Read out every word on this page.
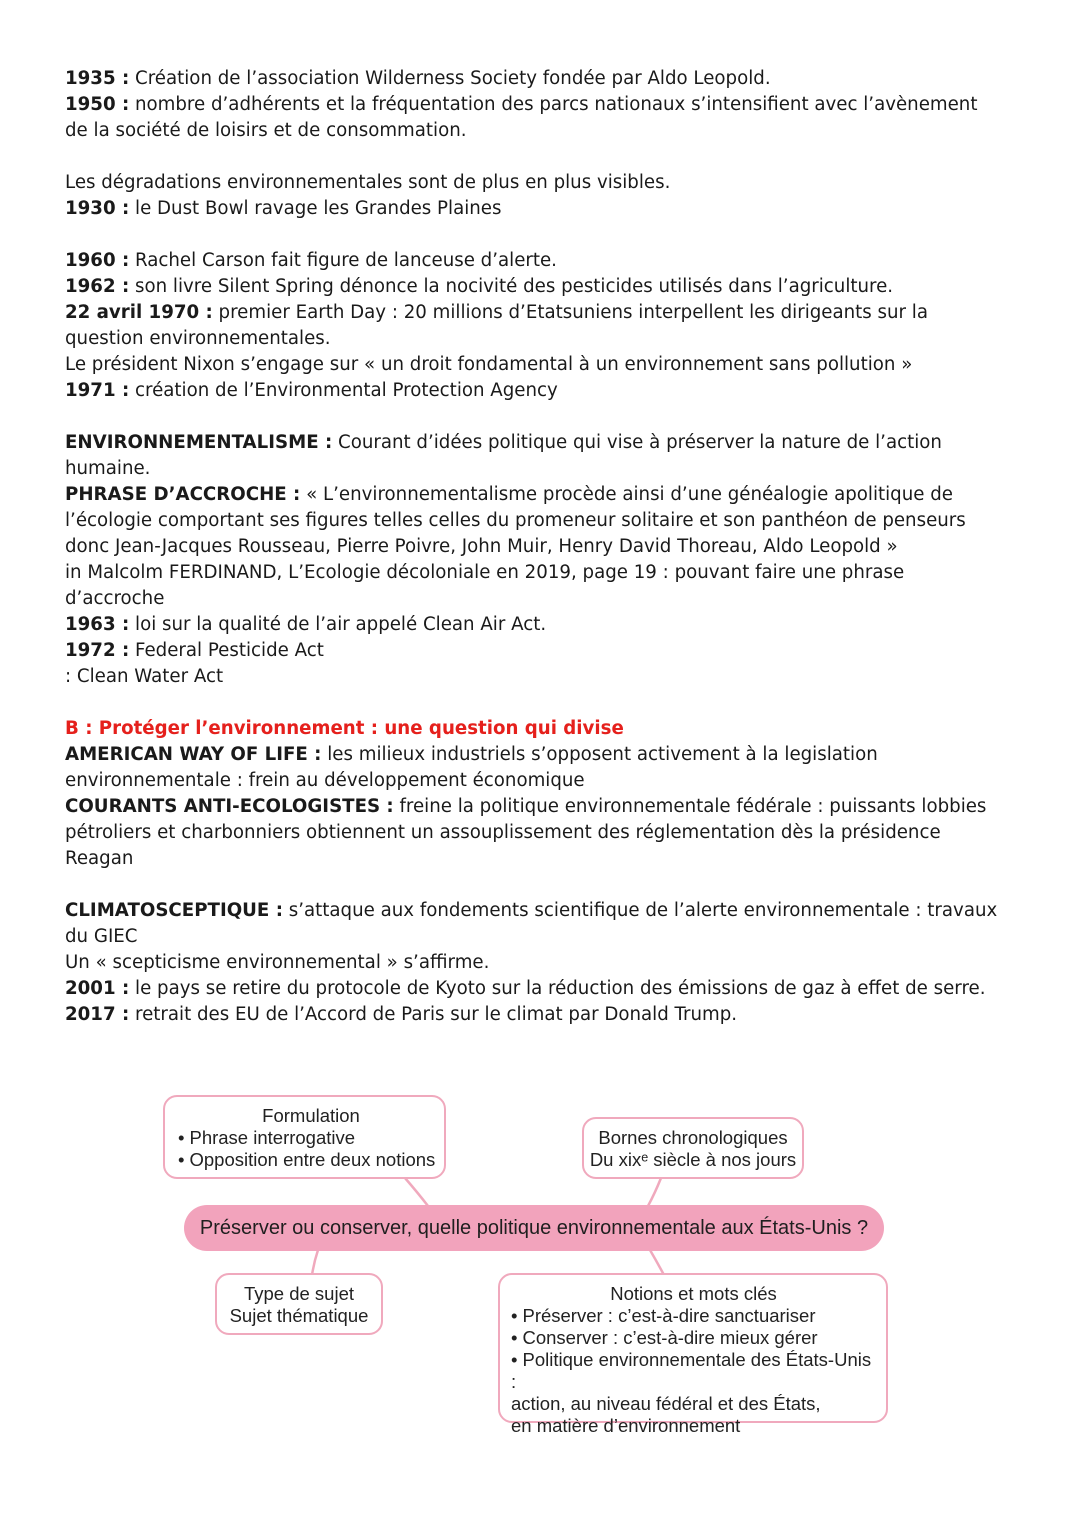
1935 : Création de l’association Wilderness Society fondée par Aldo Leopold.

1950 : nombre d’adhérents et la fréquentation des parcs nationaux s’intensifient avec l’avènement

de la société de loisirs et de consommation.

Les dégradations environnementales sont de plus en plus visibles.

1930 : le Dust Bowl ravage les Grandes Plaines

1960 : Rachel Carson fait figure de lanceuse d’alerte.

1962 : son livre Silent Spring dénonce la nocivité des pesticides utilisés dans l’agriculture.

22 avril 1970 : premier Earth Day : 20 millions d’Etatsuniens interpellent les dirigeants sur la

question environnementales.

Le président Nixon s’engage sur « un droit fondamental à un environnement sans pollution »

1971 : création de l’Environmental Protection Agency

ENVIRONNEMENTALISME : Courant d’idées politique qui vise à préserver la nature de l’action

humaine.

PHRASE D’ACCROCHE : « L’environnementalisme procède ainsi d’une généalogie apolitique de

l’écologie comportant ses figures telles celles du promeneur solitaire et son panthéon de penseurs

donc Jean-Jacques Rousseau, Pierre Poivre, John Muir, Henry David Thoreau, Aldo Leopold »

in Malcolm FERDINAND, L’Ecologie décoloniale en 2019, page 19 : pouvant faire une phrase

d’accroche

1963 : loi sur la qualité de l’air appelé Clean Air Act.

1972 : Federal Pesticide Act

: Clean Water Act

B : Protéger l’environnement : une question qui divise

AMERICAN WAY OF LIFE : les milieux industriels s’opposent activement à la legislation

environnementale : frein au développement économique

COURANTS ANTI-ECOLOGISTES : freine la politique environnementale fédérale : puissants lobbies

pétroliers et charbonniers obtiennent un assouplissement des réglementation dès la présidence

Reagan

CLIMATOSCEPTIQUE : s’attaque aux fondements scientifique de l’alerte environnementale : travaux

du GIEC

Un « scepticisme environnemental » s’affirme.

2001 : le pays se retire du protocole de Kyoto sur la réduction des émissions de gaz à effet de serre.

2017 : retrait des EU de l’Accord de Paris sur le climat par Donald Trump.

Formulation
• Phrase interrogative
• Opposition entre deux notions
Bornes chronologiques
Du xixᵉ siècle à nos jours
Préserver ou conserver, quelle politique environnementale aux États-Unis ?
Type de sujet
Sujet thématique
Notions et mots clés
• Préserver : c’est-à-dire sanctuariser
• Conserver : c’est-à-dire mieux gérer
• Politique environnementale des États-Unis :
action, au niveau fédéral et des États,
en matière d’environnement
